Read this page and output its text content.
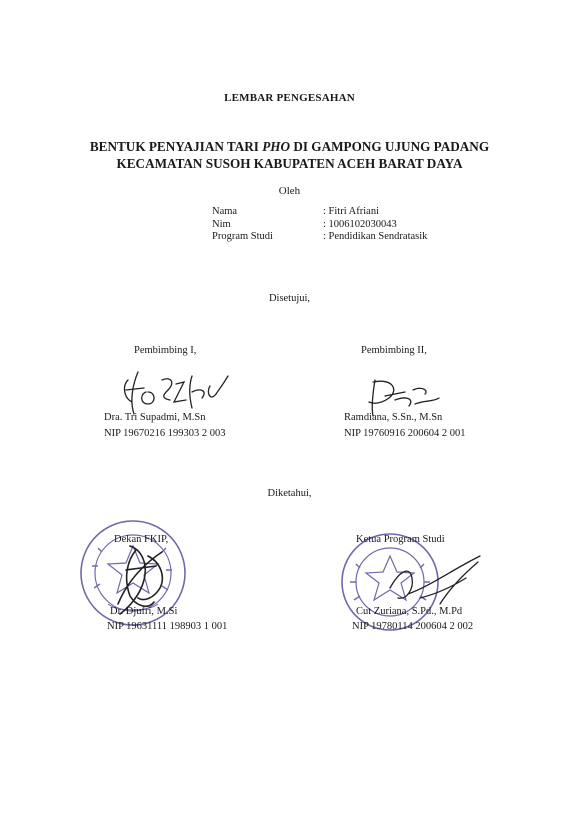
LEMBAR PENGESAHAN
BENTUK PENYAJIAN TARI PHO DI GAMPONG UJUNG PADANG
KECAMATAN SUSOH KABUPATEN ACEH BARAT DAYA
Oleh
Nama
Nim
Program Studi
: Fitri Afriani
: 1006102030043
: Pendidikan Sendratasik
Disetujui,
Pembimbing I,
Dra. Tri Supadmi, M.Sn
NIP 19670216 199303 2 003
Pembimbing II,
Ramdiana, S.Sn., M.Sn
NIP 19760916 200604 2 001
Diketahui,
Dekan FKIP,
Dr. Djufri, M.Si
NIP 19631111 198903 1 001
Ketua Program Studi
Cut Zuriana, S.Pd., M.Pd
NIP 19780114 200604 2 002
